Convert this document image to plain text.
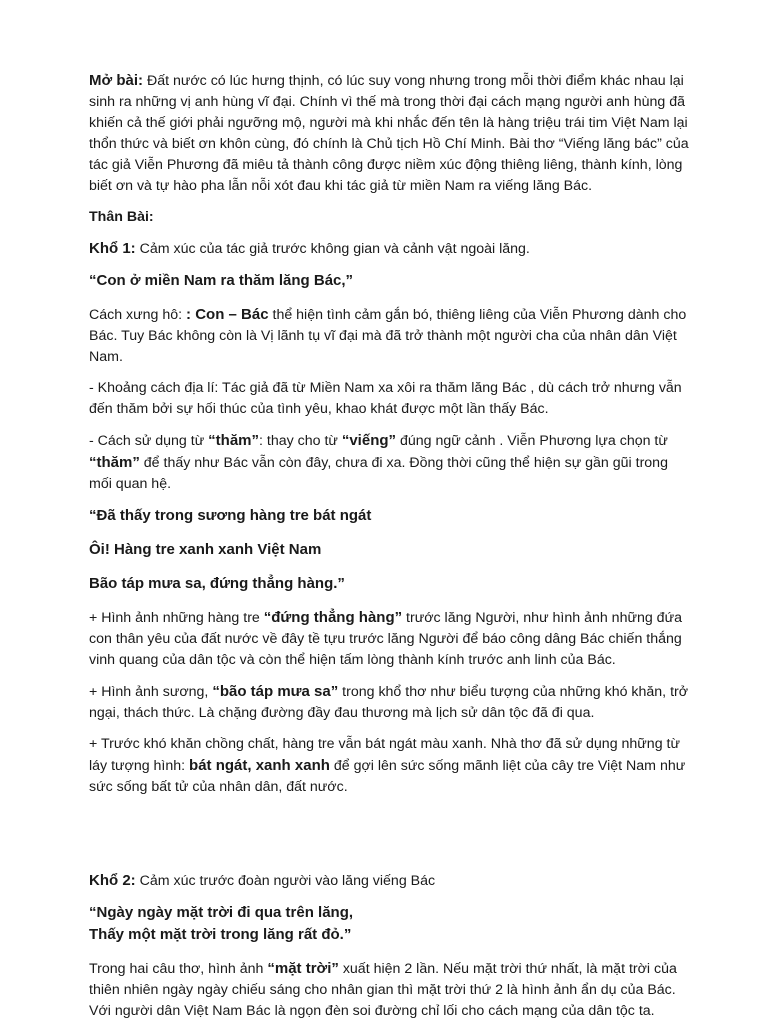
Mở bài: Đất nước có lúc hưng thịnh, có lúc suy vong nhưng trong mỗi thời điểm khác nhau lại sinh ra những vị anh hùng vĩ đại. Chính vì thế mà trong thời đại cách mạng người anh hùng đã khiến cả thế giới phải ngưỡng mộ, người mà khi nhắc đến tên là hàng triệu trái tim Việt Nam lại thổn thức và biết ơn khôn cùng, đó chính là Chủ tịch Hồ Chí Minh. Bài thơ “Viếng lăng bác” của tác giả Viễn Phương đã miêu tả thành công được niềm xúc động thiêng liêng, thành kính, lòng biết ơn và tự hào pha lẫn nỗi xót đau khi tác giả từ miền Nam ra viếng lăng Bác.

Thân Bài:

Khổ 1: Cảm xúc của tác giả trước không gian và cảnh vật ngoài lăng.

“Con ở miền Nam ra thăm lăng Bác,”

Cách xưng hô: : Con – Bác thể hiện tình cảm gắn bó, thiêng liêng của Viễn Phương dành cho Bác. Tuy Bác không còn là Vị lãnh tụ vĩ đại mà đã trở thành một người cha của nhân dân Việt Nam.

- Khoảng cách địa lí: Tác giả đã từ Miền Nam xa xôi ra thăm lăng Bác , dù cách trở nhưng vẫn đến thăm bởi sự hối thúc của tình yêu, khao khát được một lần thấy Bác.

- Cách sử dụng từ “thăm”: thay cho từ “viếng” đúng ngữ cảnh . Viễn Phương lựa chọn từ “thăm” để thấy như Bác vẫn còn đây, chưa đi xa. Đồng thời cũng thể hiện sự gần gũi trong mối quan hệ.

“Đã thấy trong sương hàng tre bát ngát

Ôi! Hàng tre xanh xanh Việt Nam

Bão táp mưa sa, đứng thẳng hàng.”

+ Hình ảnh những hàng tre “đứng thẳng hàng” trước lăng Người, như hình ảnh những đứa con thân yêu của đất nước về đây tề tựu trước lăng Người để báo công dâng Bác chiến thắng vinh quang của dân tộc và còn thể hiện tấm lòng thành kính trước anh linh của Bác.

+ Hình ảnh sương, “bão táp mưa sa” trong khổ thơ như biểu tượng của những khó khăn, trở ngại, thách thức. Là chặng đường đầy đau thương mà lịch sử dân tộc đã đi qua.

+ Trước khó khăn chồng chất, hàng tre vẫn bát ngát màu xanh. Nhà thơ đã sử dụng những từ láy tượng hình: bát ngát, xanh xanh để gợi lên sức sống mãnh liệt của cây tre Việt Nam như sức sống bất tử của nhân dân, đất nước.

Khổ 2: Cảm xúc trước đoàn người vào lăng viếng Bác

“Ngày ngày mặt trời đi qua trên lăng,

Thấy một mặt trời trong lăng rất đỏ.”

Trong hai câu thơ, hình ảnh “mặt trời” xuất hiện 2 lần. Nếu mặt trời thứ nhất, là mặt trời của thiên nhiên ngày ngày chiếu sáng cho nhân gian thì mặt trời thứ 2 là hình ảnh ẩn dụ của Bác. Với người dân Việt Nam Bác là ngọn đèn soi đường chỉ lối cho cách mạng của dân tộc ta.
